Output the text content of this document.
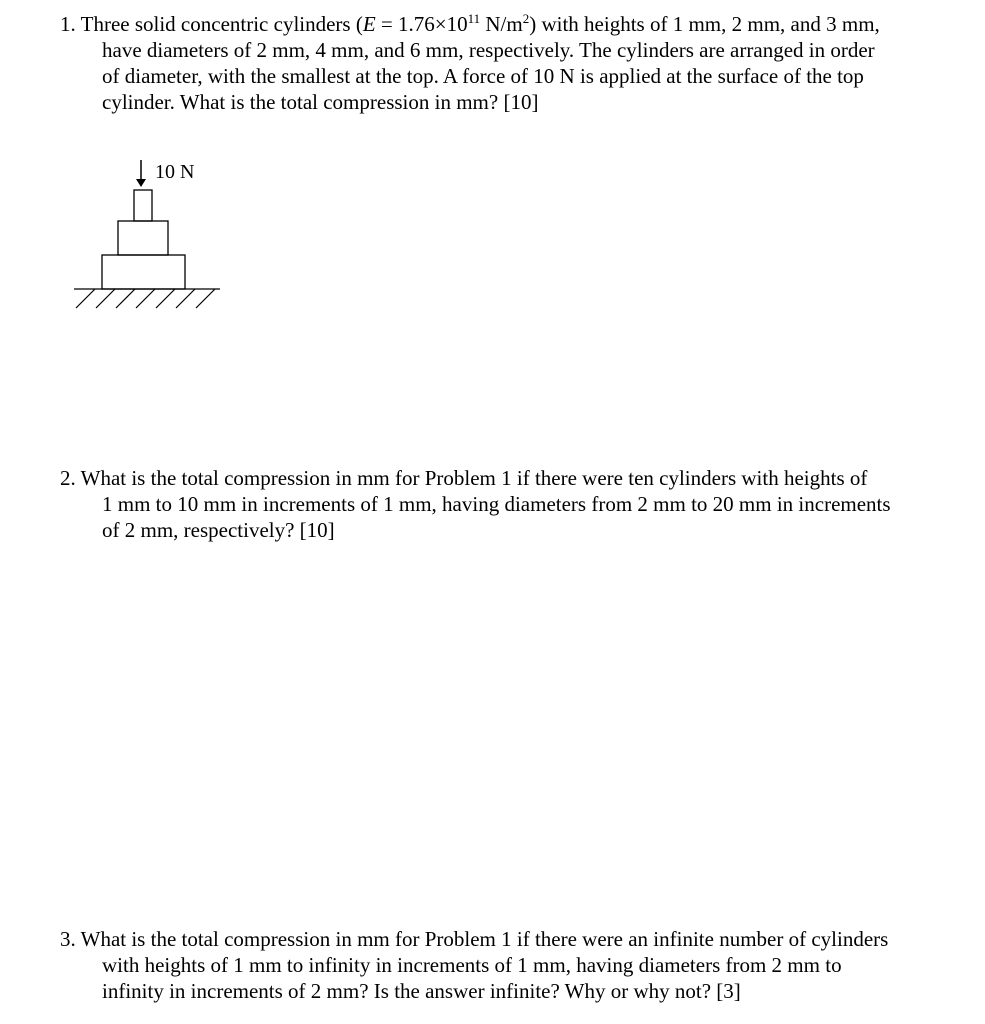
1. Three solid concentric cylinders ($E = 1.76\times 10^{11}$ $N/m^2$) with heights of 1 mm, 2 mm, and 3 mm,
have diameters of 2 mm, 4 mm, and 6 mm, respectively. The cylinders are arranged in order
of diameter, with the smallest at the top. A force of 10 N is applied at the surface of the top
cylinder. What is the total compression in mm? [10]
10 N
2. What is the total compression in mm for Problem 1 if there were ten cylinders with heights of
1 mm to 10 mm in increments of 1 mm, having diameters from 2 mm to 20 mm in increments
of 2 mm, respectively? [10]
3. What is the total compression in mm for Problem 1 if there were an infinite number of cylinders
with heights of 1 mm to infinity in increments of 1 mm, having diameters from 2 mm to
infinity in increments of 2 mm? Is the answer infinite? Why or why not? [3]
